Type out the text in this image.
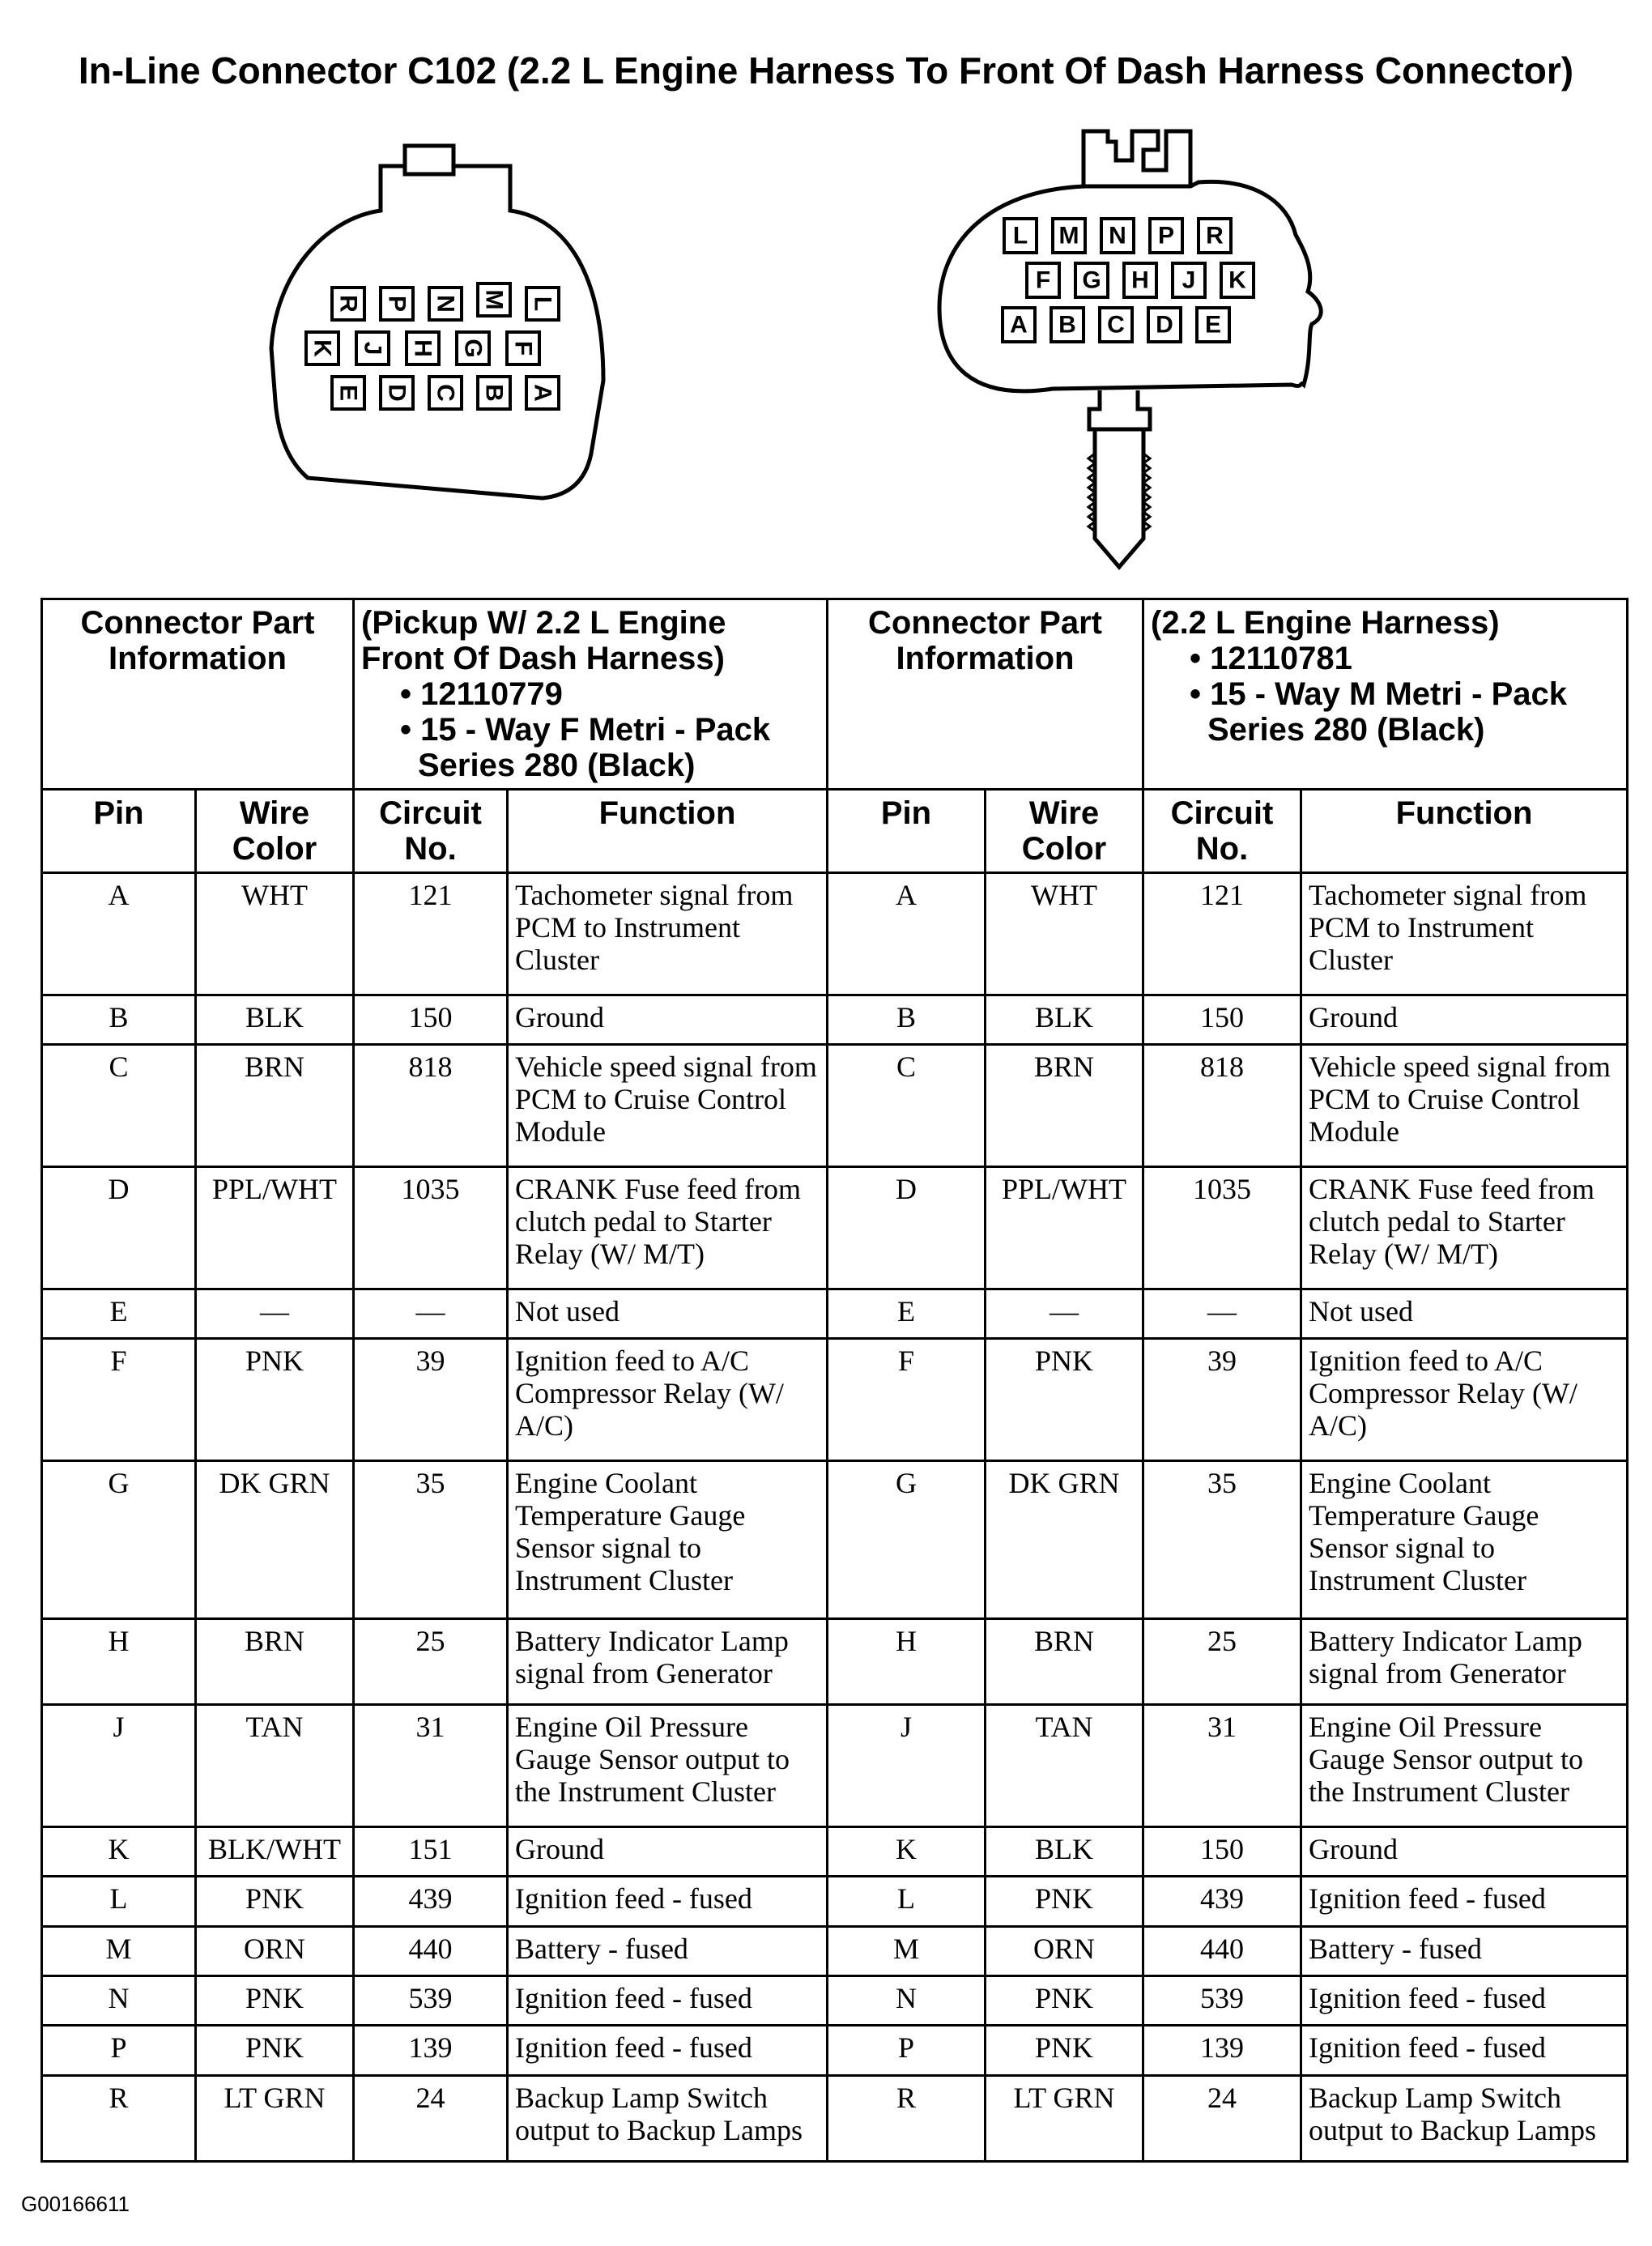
In-Line Connector C102 (2.2 L Engine Harness To Front Of Dash Harness Connector)
R P N M L
K J H G F
E D C B A
L M N P R
F G H J K
A B C D E
Connector Part Information		(Pickup W/ 2.2 L Engine
Front Of Dash Harness)
• 12110779
• 15 - Way F Metri - Pack
Series 280 (Black)		Connector Part Information		(2.2 L Engine Harness)
• 12110781
• 15 - Way M Metri - Pack
Series 280 (Black)

Pin	Wire Color	Circuit No.	Function	Pin	Wire Color	Circuit No.	Function
A	WHT	121	Tachometer signal from PCM to Instrument Cluster	A	WHT	121	Tachometer signal from PCM to Instrument Cluster
B	BLK	150	Ground	B	BLK	150	Ground
C	BRN	818	Vehicle speed signal from PCM to Cruise Control Module	C	BRN	818	Vehicle speed signal from PCM to Cruise Control Module
D	PPL/WHT	1035	CRANK Fuse feed from clutch pedal to Starter Relay (W/ M/T)	D	PPL/WHT	1035	CRANK Fuse feed from clutch pedal to Starter Relay (W/ M/T)
E	—	—	Not used	E	—	—	Not used
F	PNK	39	Ignition feed to A/C Compressor Relay (W/ A/C)	F	PNK	39	Ignition feed to A/C Compressor Relay (W/ A/C)
G	DK GRN	35	Engine Coolant Temperature Gauge Sensor signal to Instrument Cluster	G	DK GRN	35	Engine Coolant Temperature Gauge Sensor signal to Instrument Cluster
H	BRN	25	Battery Indicator Lamp signal from Generator	H	BRN	25	Battery Indicator Lamp signal from Generator
J	TAN	31	Engine Oil Pressure Gauge Sensor output to the Instrument Cluster	J	TAN	31	Engine Oil Pressure Gauge Sensor output to the Instrument Cluster
K	BLK/WHT	151	Ground	K	BLK	150	Ground
L	PNK	439	Ignition feed - fused	L	PNK	439	Ignition feed - fused
M	ORN	440	Battery - fused	M	ORN	440	Battery - fused
N	PNK	539	Ignition feed - fused	N	PNK	539	Ignition feed - fused
P	PNK	139	Ignition feed - fused	P	PNK	139	Ignition feed - fused
R	LT GRN	24	Backup Lamp Switch output to Backup Lamps	R	LT GRN	24	Backup Lamp Switch output to Backup Lamps
G00166611
